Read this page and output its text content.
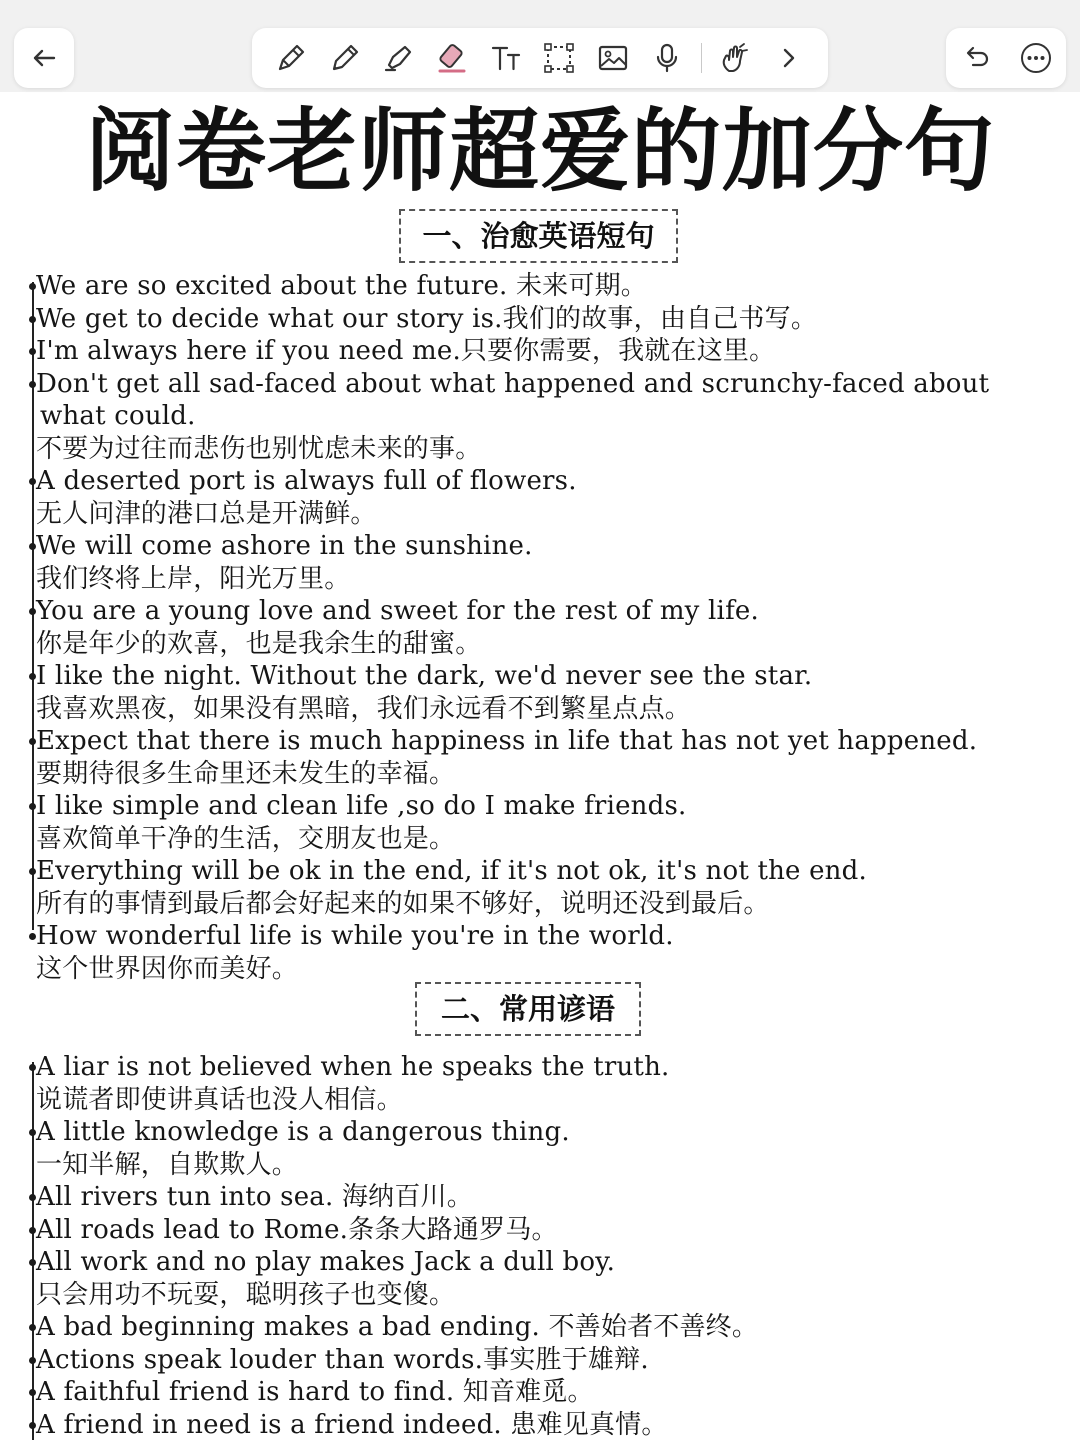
阅卷老师超爱的加分句
一、治愈英语短句
We are so excited about the future. 未来可期。
We get to decide what our story is.我们的故事，由自己书写。
I'm always here if you need me.只要你需要，我就在这里。
Don't get all sad-faced about what happened and scrunchy-faced about
what could.
不要为过往而悲伤也别忧虑未来的事。
A deserted port is always full of flowers.
无人问津的港口总是开满鲜。
We will come ashore in the sunshine.
我们终将上岸，阳光万里。
You are a young love and sweet for the rest of my life.
你是年少的欢喜，也是我余生的甜蜜。
I like the night. Without the dark, we'd never see the star.
我喜欢黑夜，如果没有黑暗，我们永远看不到繁星点点。
Expect that there is much happiness in life that has not yet happened.
要期待很多生命里还未发生的幸福。
I like simple and clean life ,so do I make friends.
喜欢简单干净的生活，交朋友也是。
Everything will be ok in the end, if it's not ok, it's not the end.
所有的事情到最后都会好起来的如果不够好，说明还没到最后。
How wonderful life is while you're in the world.
这个世界因你而美好。
二、常用谚语
A liar is not believed when he speaks the truth.
说谎者即使讲真话也没人相信。
A little knowledge is a dangerous thing.
一知半解，自欺欺人。
All rivers tun into sea. 海纳百川。
All roads lead to Rome.条条大路通罗马。
All work and no play makes Jack a dull boy.
只会用功不玩耍，聪明孩子也变傻。
A bad beginning makes a bad ending. 不善始者不善终。
Actions speak louder than words.事实胜于雄辩.
A faithful friend is hard to find. 知音难觅。
A friend in need is a friend indeed. 患难见真情。
